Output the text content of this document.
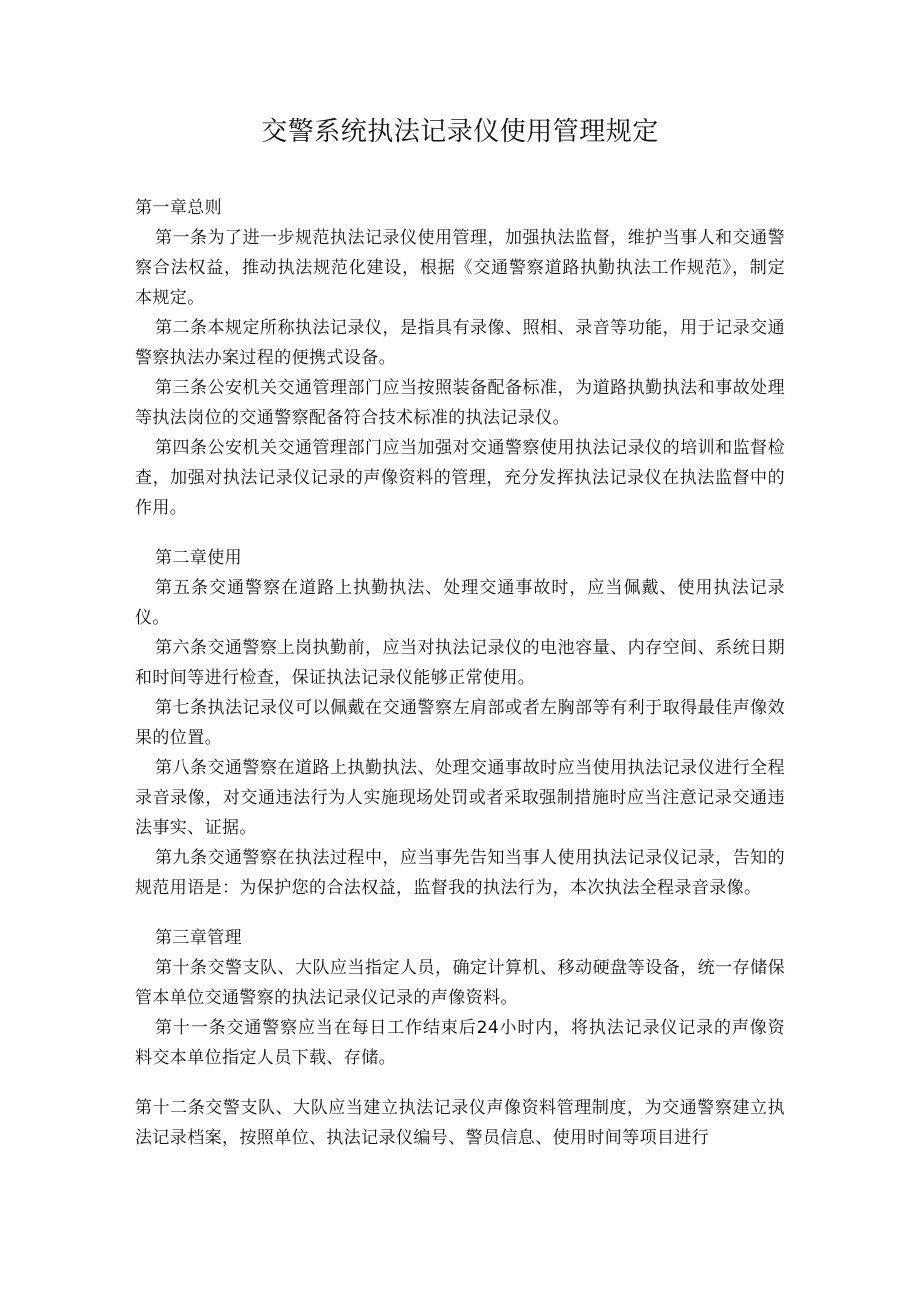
交警系统执法记录仪使用管理规定

第一章总则

第一条为了进一步规范执法记录仪使用管理，加强执法监督，维护当事人和交通警察合法权益，推动执法规范化建设，根据《交通警察道路执勤执法工作规范》，制定本规定。

第二条本规定所称执法记录仪，是指具有录像、照相、录音等功能，用于记录交通警察执法办案过程的便携式设备。

第三条公安机关交通管理部门应当按照装备配备标准，为道路执勤执法和事故处理等执法岗位的交通警察配备符合技术标准的执法记录仪。

第四条公安机关交通管理部门应当加强对交通警察使用执法记录仪的培训和监督检查，加强对执法记录仪记录的声像资料的管理，充分发挥执法记录仪在执法监督中的作用。

第二章使用

第五条交通警察在道路上执勤执法、处理交通事故时，应当佩戴、使用执法记录仪。

第六条交通警察上岗执勤前，应当对执法记录仪的电池容量、内存空间、系统日期和时间等进行检查，保证执法记录仪能够正常使用。

第七条执法记录仪可以佩戴在交通警察左肩部或者左胸部等有利于取得最佳声像效果的位置。

第八条交通警察在道路上执勤执法、处理交通事故时应当使用执法记录仪进行全程录音录像，对交通违法行为人实施现场处罚或者采取强制措施时应当注意记录交通违法事实、证据。

第九条交通警察在执法过程中，应当事先告知当事人使用执法记录仪记录，告知的规范用语是：为保护您的合法权益，监督我的执法行为，本次执法全程录音录像。

第三章管理

第十条交警支队、大队应当指定人员，确定计算机、移动硬盘等设备，统一存储保管本单位交通警察的执法记录仪记录的声像资料。

第十一条交通警察应当在每日工作结束后24小时内，将执法记录仪记录的声像资料交本单位指定人员下载、存储。

第十二条交警支队、大队应当建立执法记录仪声像资料管理制度，为交通警察建立执法记录档案，按照单位、执法记录仪编号、警员信息、使用时间等项目进行
